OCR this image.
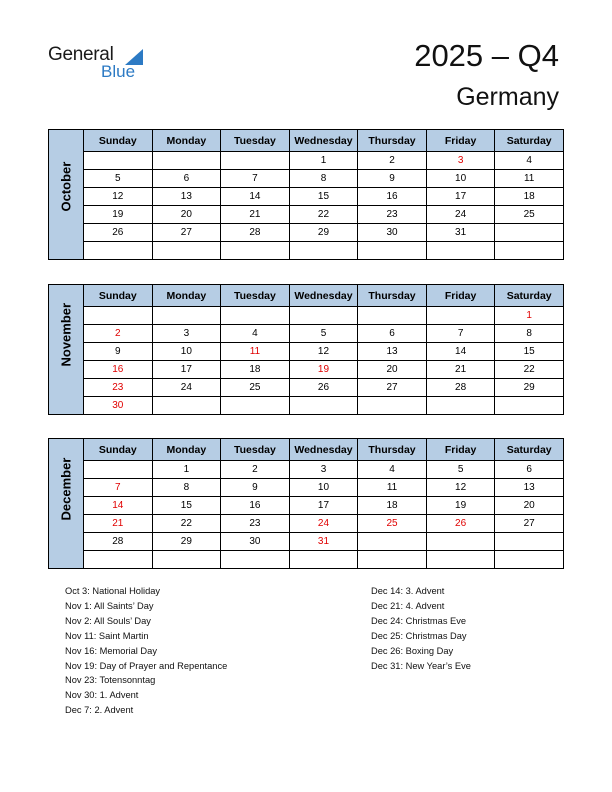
General
Blue	2025 – Q4
Germany
October	Sunday	Monday	Tuesday	Wednesday	Thursday	Friday	Saturday
				1	2	3	4
	5	6	7	8	9	10	11
	12	13	14	15	16	17	18
	19	20	21	22	23	24	25
	26	27	28	29	30	31	

November	Sunday	Monday	Tuesday	Wednesday	Thursday	Friday	Saturday
							1
	2	3	4	5	6	7	8
	9	10	11	12	13	14	15
	16	17	18	19	20	21	22
	23	24	25	26	27	28	29
	30						
December	Sunday	Monday	Tuesday	Wednesday	Thursday	Friday	Saturday
		1	2	3	4	5	6
	7	8	9	10	11	12	13
	14	15	16	17	18	19	20
	21	22	23	24	25	26	27
	28	29	30	31			

Oct 3: National Holiday
Nov 1: All Saints’ Day
Nov 2: All Souls’ Day
Nov 11: Saint Martin
Nov 16: Memorial Day
Nov 19: Day of Prayer and Repentance
Nov 23: Totensonntag
Nov 30: 1. Advent
Dec 7: 2. Advent
Dec 14: 3. Advent
Dec 21: 4. Advent
Dec 24: Christmas Eve
Dec 25: Christmas Day
Dec 26: Boxing Day
Dec 31: New Year’s Eve
